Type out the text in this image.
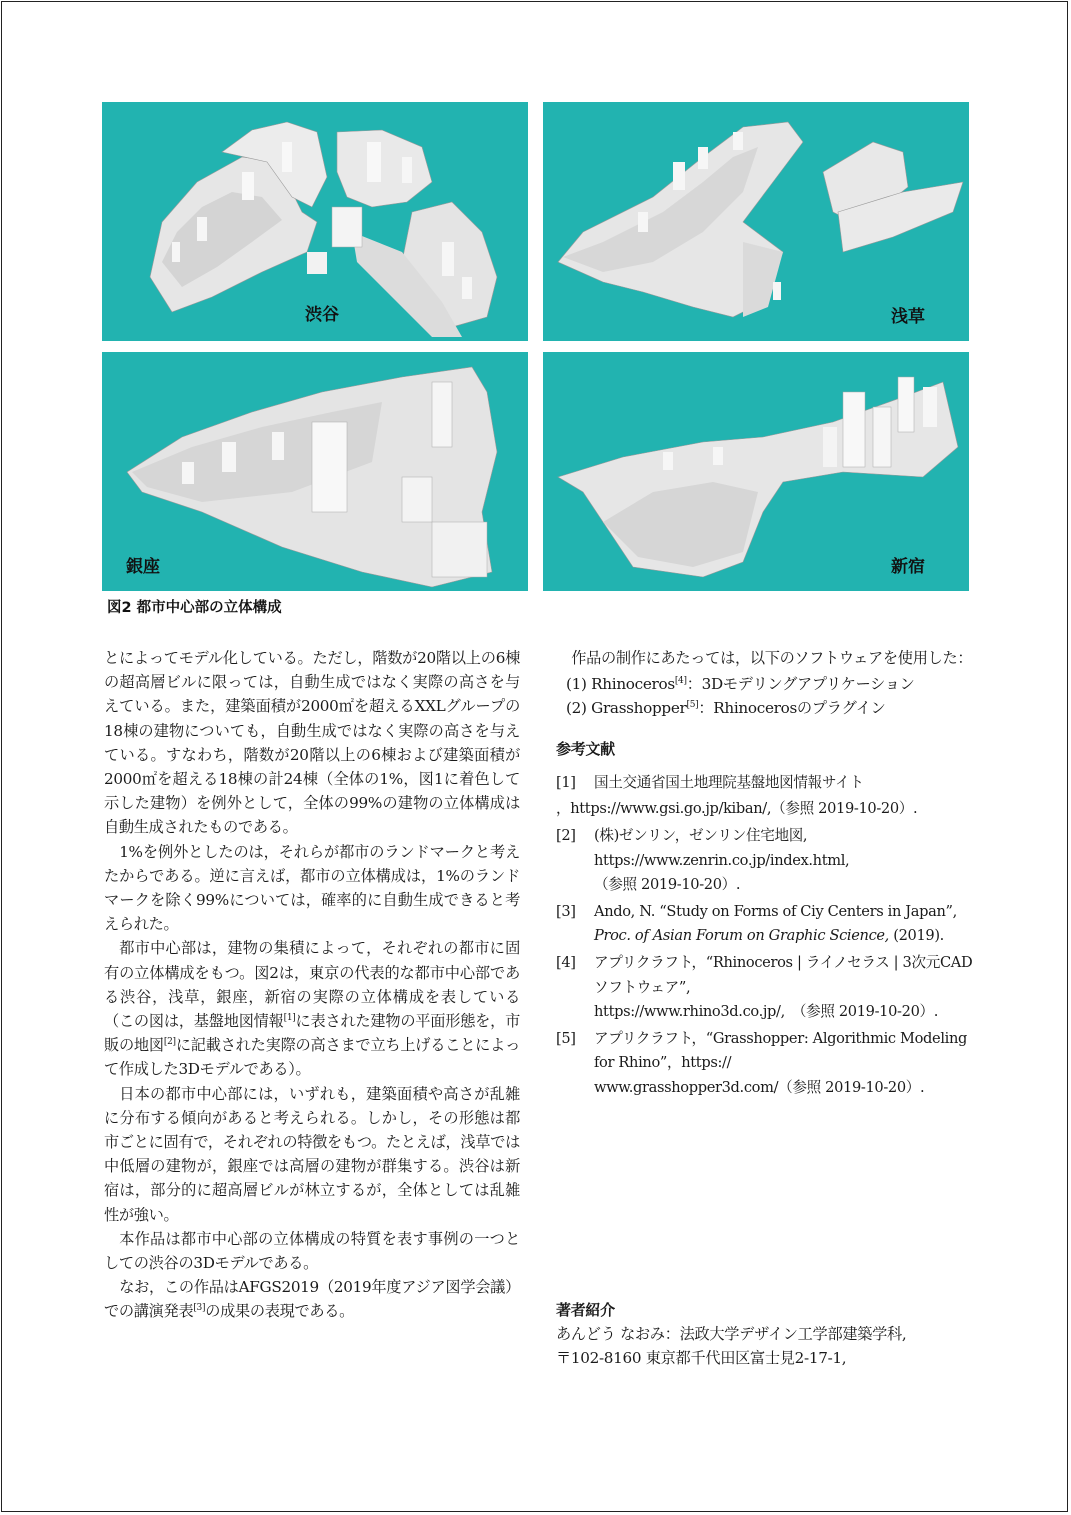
渋谷	浅草
銀座	新宿
図2 都市中心部の立体構成

とによってモデル化している。ただし，階数が20階以上の6棟の超高層ビルに限っては，自動生成ではなく実際の高さを与えている。また，建築面積が2000㎡を超えるXXLグループの18棟の建物についても，自動生成ではなく実際の高さを与えている。すなわち，階数が20階以上の6棟および建築面積が2000㎡を超える18棟の計24棟（全体の1%，図1に着色して示した建物）を例外として，全体の99%の建物の立体構成は自動生成されたものである。

1%を例外としたのは，それらが都市のランドマークと考えたからである。逆に言えば，都市の立体構成は，1%のランドマークを除く99%については，確率的に自動生成できると考えられた。

都市中心部は，建物の集積によって，それぞれの都市に固有の立体構成をもつ。図2は，東京の代表的な都市中心部である渋谷，浅草，銀座，新宿の実際の立体構成を表している（この図は，基盤地図情報[1]に表された建物の平面形態を，市販の地図[2]に記載された実際の高さまで立ち上げることによって作成した3Dモデルである）。

日本の都市中心部には，いずれも，建築面積や高さが乱雑に分布する傾向があると考えられる。しかし，その形態は都市ごとに固有で，それぞれの特徴をもつ。たとえば，浅草では中低層の建物が，銀座では高層の建物が群集する。渋谷は新宿は，部分的に超高層ビルが林立するが，全体としては乱雑性が強い。

本作品は都市中心部の立体構成の特質を表す事例の一つとしての渋谷の3Dモデルである。

なお，この作品はAFGS2019（2019年度アジア図学会議）での講演発表[3]の成果の表現である。

作品の制作にあたっては，以下のソフトウェアを使用した：

(1) Rhinoceros[4]：3Dモデリングアプリケーション
(2) Grasshopper[5]：Rhinocerosのプラグイン

参考文献

[1]	国土交通省国土地理院基盤地図情報サイト
，https://www.gsi.go.jp/kiban/,（参照 2019-10-20）.
[2]	(株)ゼンリン，ゼンリン住宅地図,
https://www.zenrin.co.jp/index.html,
（参照 2019-10-20）.
[3]	Ando, N. “Study on Forms of Ciy Centers in Japan”, Proc. of Asian Forum on Graphic Science, (2019).
[4]	アプリクラフト，“Rhinoceros | ライノセラス | 3次元CADソフトウェア”,
https://www.rhino3d.co.jp/,　（参照 2019-10-20）.
[5]	アプリクラフト，“Grasshopper: Algorithmic Modeling for Rhino”，https://
www.grasshopper3d.com/（参照 2019-10-20）.

著者紹介

あんどう なおみ：法政大学デザイン工学部建築学科,
〒102-8160 東京都千代田区富士見2-17-1,
